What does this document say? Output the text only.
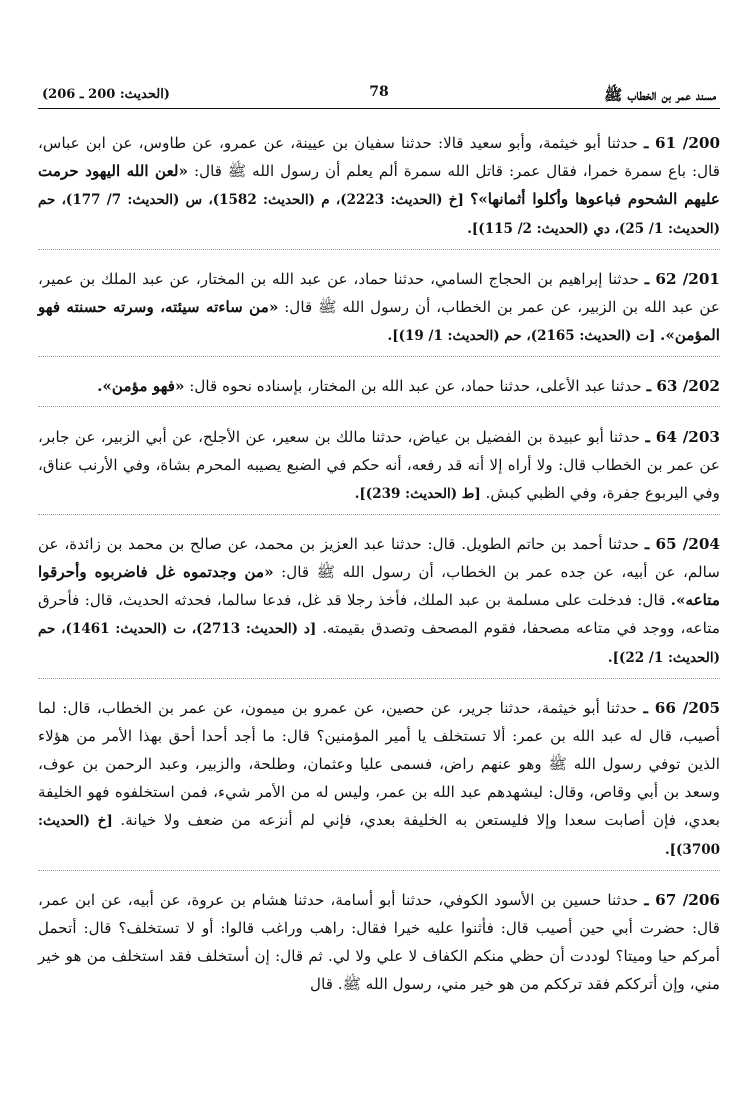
مسند عمر بن الخطاب ﷺ
78
(الحديث: 200 ـ 206)

200/ 61 ـ حدثنا أبو خيثمة، وأبو سعيد قالا: حدثنا سفيان بن عيينة، عن عمرو، عن طاوس، عن ابن عباس، قال: باع سمرة خمرا، فقال عمر: قاتل الله سمرة ألم يعلم أن رسول الله ﷺ قال: «لعن الله اليهود حرمت عليهم الشحوم فباعوها وأكلوا أثمانها»؟ [خ (الحديث: 2223)، م (الحديث: 1582)، س (الحديث: 7/ 177)، حم (الحديث: 1/ 25)، دي (الحديث: 2/ 115)].

201/ 62 ـ حدثنا إبراهيم بن الحجاج السامي، حدثنا حماد، عن عبد الله بن المختار، عن عبد الملك بن عمير، عن عبد الله بن الزبير، عن عمر بن الخطاب، أن رسول الله ﷺ قال: «من ساءته سيئته، وسرته حسنته فهو المؤمن». [ت (الحديث: 2165)، حم (الحديث: 1/ 19)].

202/ 63 ـ حدثنا عبد الأعلى، حدثنا حماد، عن عبد الله بن المختار، بإسناده نحوه قال: «فهو مؤمن».

203/ 64 ـ حدثنا أبو عبيدة بن الفضيل بن عياض، حدثنا مالك بن سعير، عن الأجلح، عن أبي الزبير، عن جابر، عن عمر بن الخطاب قال: ولا أراه إلا أنه قد رفعه، أنه حكم في الضبع يصيبه المحرم بشاة، وفي الأرنب عناق، وفي اليربوع جفرة، وفي الظبي كبش. [ط (الحديث: 239)].

204/ 65 ـ حدثنا أحمد بن حاتم الطويل. قال: حدثنا عبد العزيز بن محمد، عن صالح بن محمد بن زائدة، عن سالم، عن أبيه، عن جده عمر بن الخطاب، أن رسول الله ﷺ قال: «من وجدتموه غل فاضربوه وأحرقوا متاعه». قال: فدخلت على مسلمة بن عبد الملك، فأخذ رجلا قد غل، فدعا سالما، فحدثه الحديث، قال: فأحرق متاعه، ووجد في متاعه مصحفا، فقوم المصحف وتصدق بقيمته. [د (الحديث: 2713)، ت (الحديث: 1461)، حم (الحديث: 1/ 22)].

205/ 66 ـ حدثنا أبو خيثمة، حدثنا جرير، عن حصين، عن عمرو بن ميمون، عن عمر بن الخطاب، قال: لما أصيب، قال له عبد الله بن عمر: ألا تستخلف يا أمير المؤمنين؟ قال: ما أجد أحدا أحق بهذا الأمر من هؤلاء الذين توفي رسول الله ﷺ وهو عنهم راض، فسمى عليا وعثمان، وطلحة، والزبير، وعبد الرحمن بن عوف، وسعد بن أبي وقاص، وقال: ليشهدهم عبد الله بن عمر، وليس له من الأمر شيء، فمن استخلفوه فهو الخليفة بعدي، فإن أصابت سعدا وإلا فليستعن به الخليفة بعدي، فإني لم أنزعه من ضعف ولا خيانة. [خ (الحديث: 3700)].

206/ 67 ـ حدثنا حسين بن الأسود الكوفي، حدثنا أبو أسامة، حدثنا هشام بن عروة، عن أبيه، عن ابن عمر، قال: حضرت أبي حين أصيب قال: فأثنوا عليه خيرا فقال: راهب وراغب قالوا: أو لا تستخلف؟ قال: أتحمل أمركم حيا وميتا؟ لوددت أن حظي منكم الكفاف لا علي ولا لي. ثم قال: إن أستخلف فقد استخلف من هو خير مني، وإن أترككم فقد ترككم من هو خير مني، رسول الله ﷺ. قال
